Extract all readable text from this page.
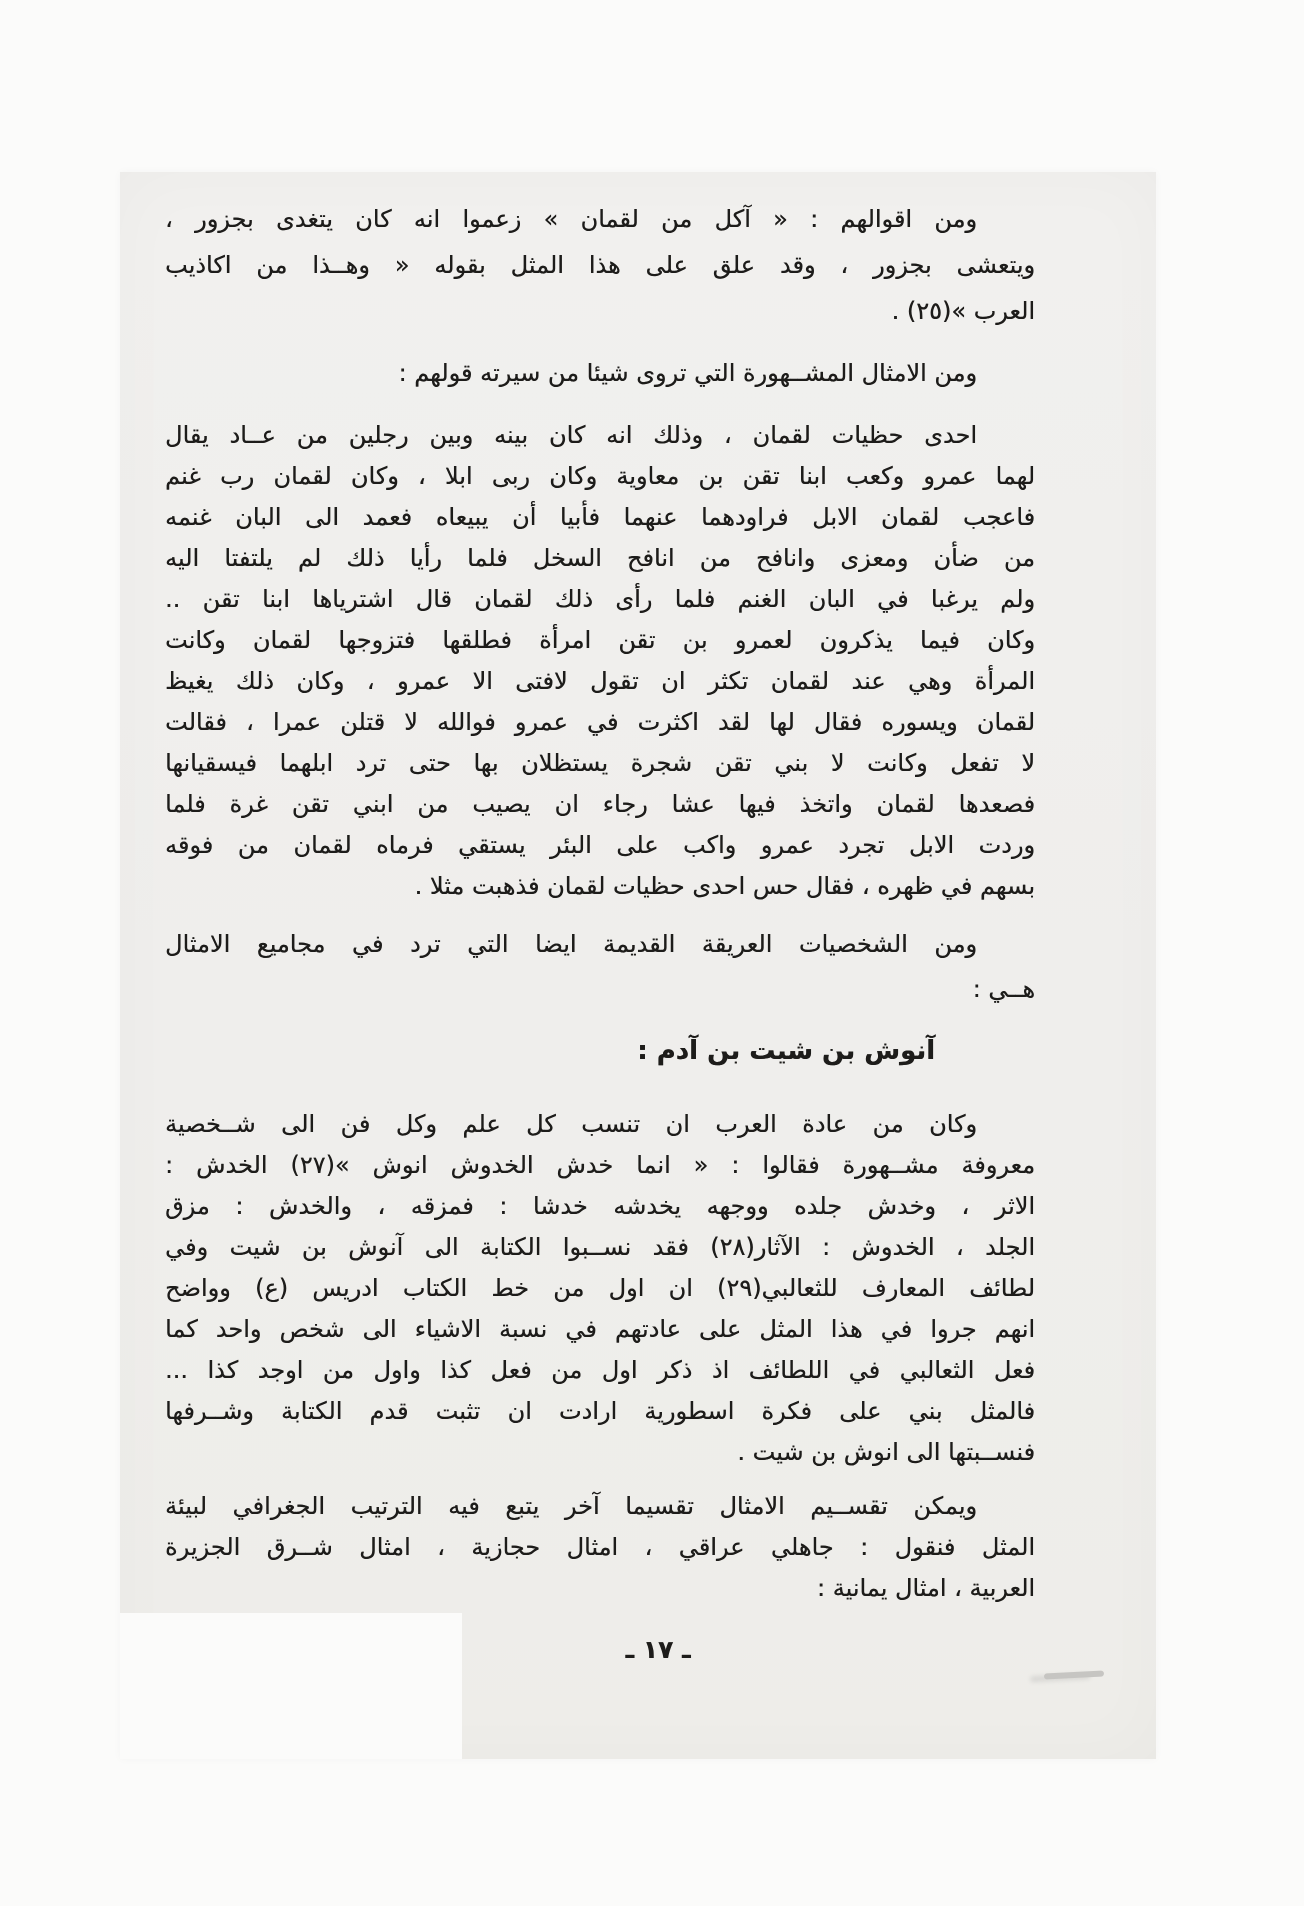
ومن اقوالهم : « آكل من لقمان » زعموا انه كان يتغدى بجزور ،
ويتعشى بجزور ، وقد علق على هذا المثل بقوله « وهــذا من اكاذيب
العرب »(٢٥) .
ومن الامثال المشــهورة التي تروى شيئا من سيرته قولهم :
احدى حظيات لقمان ، وذلك انه كان بينه وبين رجلين من عــاد يقال
لهما عمرو وكعب ابنا تقن بن معاوية وكان ربى ابلا ، وكان لقمان رب غنم
فاعجب لقمان الابل فراودهما عنهما فأبيا أن يبيعاه فعمد الى البان غنمه
من ضأن ومعزى وانافح من انافح السخل فلما رأيا ذلك لم يلتفتا اليه
ولم يرغبا في البان الغنم فلما رأى ذلك لقمان قال اشترياها ابنا تقن ..
وكان فيما يذكرون لعمرو بن تقن امرأة فطلقها فتزوجها لقمان وكانت
المرأة وهي عند لقمان تكثر ان تقول لافتى الا عمرو ، وكان ذلك يغيظ
لقمان ويسوره فقال لها لقد اكثرت في عمرو فوالله لا قتلن عمرا ، فقالت
لا تفعل وكانت لا بني تقن شجرة يستظلان بها حتى ترد ابلهما فيسقيانها
فصعدها لقمان واتخذ فيها عشا رجاء ان يصيب من ابني تقن غرة فلما
وردت الابل تجرد عمرو واكب على البئر يستقي فرماه لقمان من فوقه
بسهم في ظهره ، فقال حس احدى حظيات لقمان فذهبت مثلا .
ومن الشخصيات العريقة القديمة ايضا التي ترد في مجاميع الامثال
هــي :
آنوش بن شيت بن آدم :
وكان من عادة العرب ان تنسب كل علم وكل فن الى شــخصية
معروفة مشــهورة فقالوا : « انما خدش الخدوش انوش »(٢٧) الخدش :
الاثر ، وخدش جلده ووجهه يخدشه خدشا : فمزقه ، والخدش : مزق
الجلد ، الخدوش : الآثار(٢٨) فقد نســبوا الكتابة الى آنوش بن شيت وفي
لطائف المعارف للثعالبي(٢٩) ان اول من خط الكتاب ادريس (ع) وواضح
انهم جروا في هذا المثل على عادتهم في نسبة الاشياء الى شخص واحد كما
فعل الثعالبي في اللطائف اذ ذكر اول من فعل كذا واول من اوجد كذا ...
فالمثل بني على فكرة اسطورية ارادت ان تثبت قدم الكتابة وشــرفها
فنســبتها الى انوش بن شيت .
ويمكن تقســيم الامثال تقسيما آخر يتبع فيه الترتيب الجغرافي لبيئة
المثل فنقول : جاهلي عراقي ، امثال حجازية ، امثال شــرق الجزيرة
العربية ، امثال يمانية :
ـ ١٧ ـ
